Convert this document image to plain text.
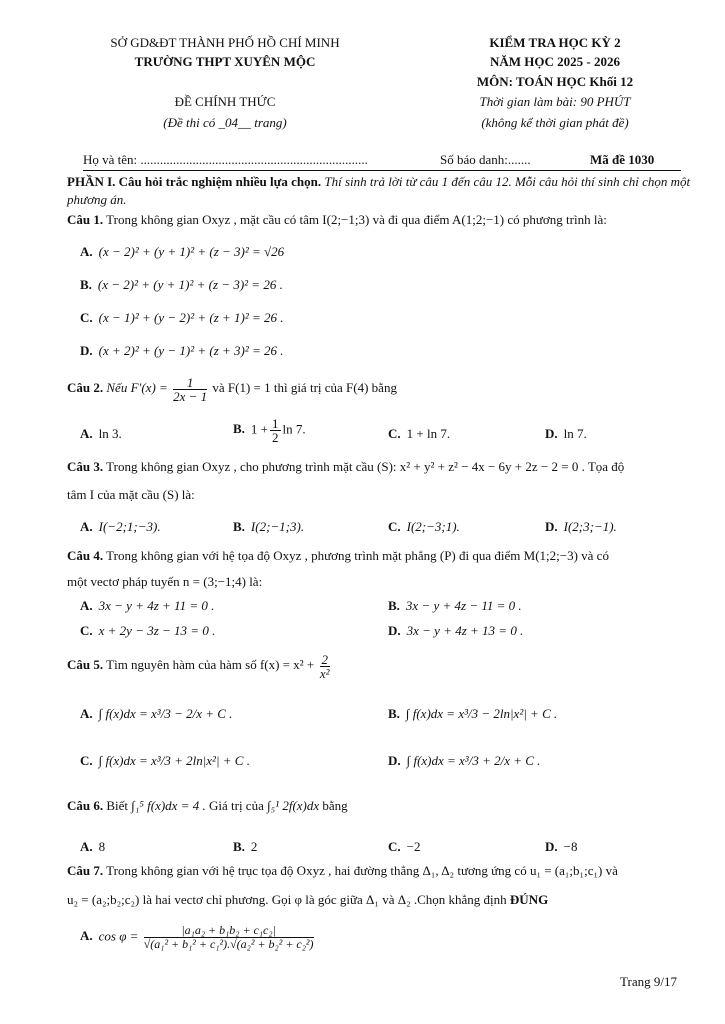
SỞ GD&ĐT THÀNH PHỐ HỒ CHÍ MINH
TRƯỜNG THPT XUYÊN MỘC
ĐỀ CHÍNH THỨC
(Đề thi có _04__ trang)
KIỂM TRA HỌC KỲ 2
NĂM HỌC 2025 - 2026
MÔN: TOÁN HỌC Khối 12
Thời gian làm bài: 90 PHÚT
(không kể thời gian phát đề)
Họ và tên: ......................................................................	Số báo danh:.......	Mã đề 1030
PHẦN I. Câu hỏi trắc nghiệm nhiều lựa chọn. Thí sinh trả lời từ câu 1 đến câu 12. Mỗi câu hỏi thí sinh chỉ chọn một phương án.
Câu 1. Trong không gian Oxyz , mặt cầu có tâm I(2;−1;3) và đi qua điểm A(1;2;−1) có phương trình là:
A. (x − 2)² + (y + 1)² + (z − 3)² = √26
B. (x − 2)² + (y + 1)² + (z − 3)² = 26 .
C. (x − 1)² + (y − 2)² + (z + 1)² = 26 .
D. (x + 2)² + (y − 1)² + (z + 3)² = 26 .
Câu 2. Nếu $F'(x) = \frac{1}{2x - 1}$ và F(1) = 1 thì giá trị của F(4) bằng
A. ln 3.	B. $1 + \frac{1}{2}$ ln 7.	C. 1 + ln 7.	D. ln 7.
Câu 3. Trong không gian Oxyz , cho phương trình mặt cầu (S): x² + y² + z² − 4x − 6y + 2z − 2 = 0 . Tọa độ
tâm I của mặt cầu (S) là:
A. I(−2;1;−3).	B. I(2;−1;3).	C. I(2;−3;1).	D. I(2;3;−1).
Câu 4. Trong không gian với hệ tọa độ Oxyz , phương trình mặt phẳng (P) đi qua điểm M(1;2;−3) và có
một vectơ pháp tuyến n = (3;−1;4) là:
A. 3x − y + 4z + 11 = 0 .	B. 3x − y + 4z − 11 = 0 .
C. x + 2y − 3z − 13 = 0 .	D. 3x − y + 4z + 13 = 0 .
Câu 5. Tìm nguyên hàm của hàm số $f(x) = x^2 + \frac{2}{\text{x²}}$
A. ∫ f(x)dx = x³/3 − 2/x + C .	B. ∫ f(x)dx = x³/3 − 2ln|x²| + C .
C. ∫ f(x)dx = x³/3 + 2ln|x²| + C .	D. ∫ f(x)dx = x³/3 + 2/x + C .
Câu 6. Biết ∫₁⁵ f(x)dx = 4 . Giá trị của ∫₅¹ 2f(x)dx bằng
A. 8	B. 2	C. −2	D. −8
Câu 7. Trong không gian với hệ trục tọa độ Oxyz , hai đường thẳng Δ₁, Δ₂ tương ứng có u₁ = (a₁;b₁;c₁) và
u₂ = (a₂;b₂;c₂) là hai vectơ chỉ phương. Gọi φ là góc giữa Δ₁ và Δ₂ .Chọn khẳng định ĐÚNG
A. $\cos \varphi = \frac{\text{|a₁a₂ + b₁b₂ + c₁c₂|}}{\text{√(a₁² + b₁² + c₁²).√(a₂² + b₂² + c₂²)}}$
Trang 9/17
